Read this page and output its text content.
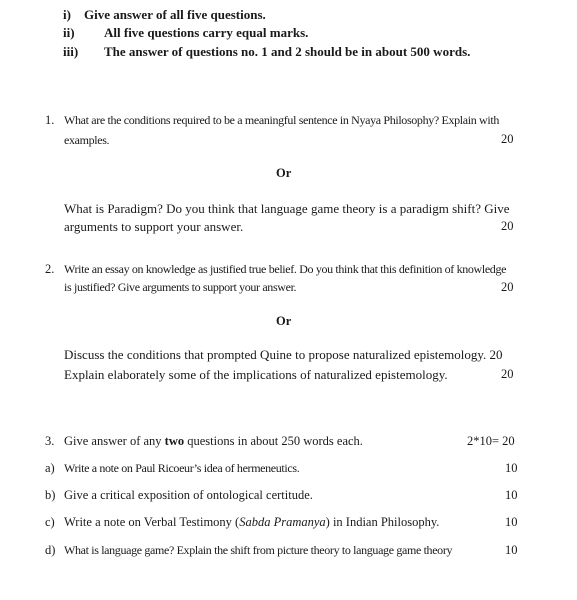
i) Give answer of all five questions.
ii) All five questions carry equal marks.
iii) The answer of questions no. 1 and 2 should be in about 500 words.
1. What are the conditions required to be a meaningful sentence in Nyaya Philosophy? Explain with
examples.	20
Or
What is Paradigm? Do you think that language game theory is a paradigm shift? Give
arguments to support your answer.	20
2. Write an essay on knowledge as justified true belief. Do you think that this definition of knowledge
is justified? Give arguments to support your answer.	20
Or
Discuss the conditions that prompted Quine to propose naturalized epistemology. 20
Explain elaborately some of the implications of naturalized epistemology.	20
3. Give answer of any two questions in about 250 words each.	2*10= 20
a) Write a note on Paul Ricoeur’s idea of hermeneutics.	10
b) Give a critical exposition of ontological certitude.	10
c) Write a note on Verbal Testimony (Sabda Pramanya) in Indian Philosophy.	10
d) What is language game? Explain the shift from picture theory to language game theory	10
